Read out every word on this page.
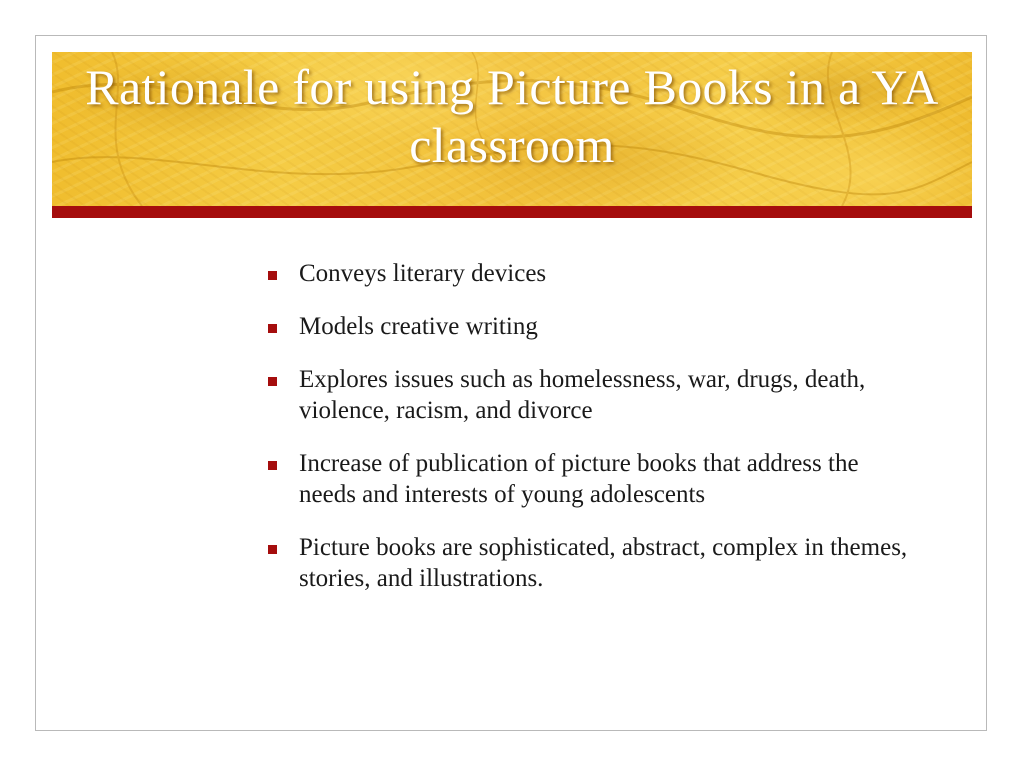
Rationale for using Picture Books in a YA classroom
Conveys literary devices
Models creative writing
Explores issues such as homelessness, war, drugs, death, violence, racism, and divorce
Increase of publication of picture books that address the needs and interests of young adolescents
Picture books are sophisticated, abstract, complex in themes, stories, and illustrations.
